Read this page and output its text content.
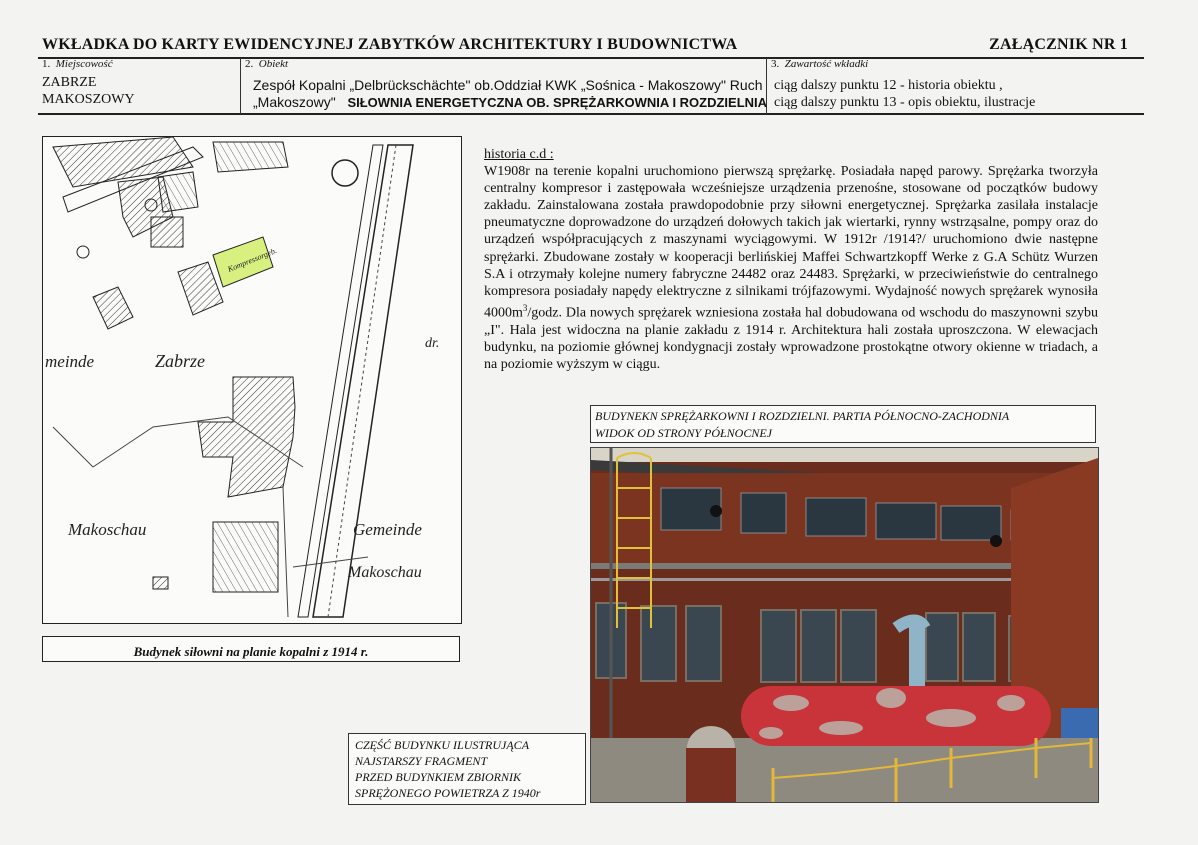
WKŁADKA DO KARTY EWIDENCYJNEJ ZABYTKÓW ARCHITEKTURY I BUDOWNICTWA	ZAŁĄCZNIK NR 1
1. Miejscowość
ZABRZE
MAKOSZOWY
2. Obiekt
Zespół Kopalni „Delbrückschächte" ob.Oddział KWK „Sośnica - Makoszowy" Ruch
„Makoszowy" SIŁOWNIA ENERGETYCZNA OB. SPRĘŻARKOWNIA I ROZDZIELNIA
3. Zawartość wkładki
ciąg dalszy punktu 12 - historia obiektu ,
ciąg dalszy punktu 13 - opis obiektu, ilustracje
Kompressorgeb.
meinde	Zabrze
Makoschau	Gemeinde
Makoschau
dr.
Budynek siłowni na planie kopalni z 1914 r.
historia c.d :
W1908r na terenie kopalni uruchomiono pierwszą sprężarkę. Posiadała napęd parowy. Sprężarka tworzyła centralny kompresor i zastępowała wcześniejsze urządzenia przenośne, stosowane od początków budowy zakładu. Zainstalowana została prawdopodobnie przy siłowni energetycznej. Sprężarka zasilała instalacje pneumatyczne doprowadzone do urządzeń dołowych takich jak wiertarki, rynny wstrząsalne, pompy oraz do urządzeń współpracujących z maszynami wyciągowymi. W 1912r /1914?/ uruchomiono dwie następne sprężarki. Zbudowane zostały w kooperacji berlińskiej Maffei Schwartzkopff Werke z G.A Schütz Wurzen S.A i otrzymały kolejne numery fabryczne 24482 oraz 24483. Sprężarki, w przeciwieństwie do centralnego kompresora posiadały napędy elektryczne z silnikami trójfazowymi. Wydajność nowych sprężarek wynosiła $4000m^3$/godz. Dla nowych sprężarek wzniesiona została hal dobudowana od wschodu do maszynowni szybu „I". Hala jest widoczna na planie zakładu z 1914 r. Architektura hali została uproszczona. W elewacjach budynku, na poziomie głównej kondygnacji zostały wprowadzone prostokątne otwory okienne w triadach, a na poziomie wyższym w ciągu.
BUDYNEKN SPRĘŻARKOWNI I ROZDZIELNI. PARTIA PÓŁNOCNO-ZACHODNIA
WIDOK OD STRONY PÓŁNOCNEJ
CZĘŚĆ BUDYNKU ILUSTRUJĄCA
NAJSTARSZY FRAGMENT
PRZED BUDYNKIEM ZBIORNIK
SPRĘŻONEGO POWIETRZA Z 1940r
